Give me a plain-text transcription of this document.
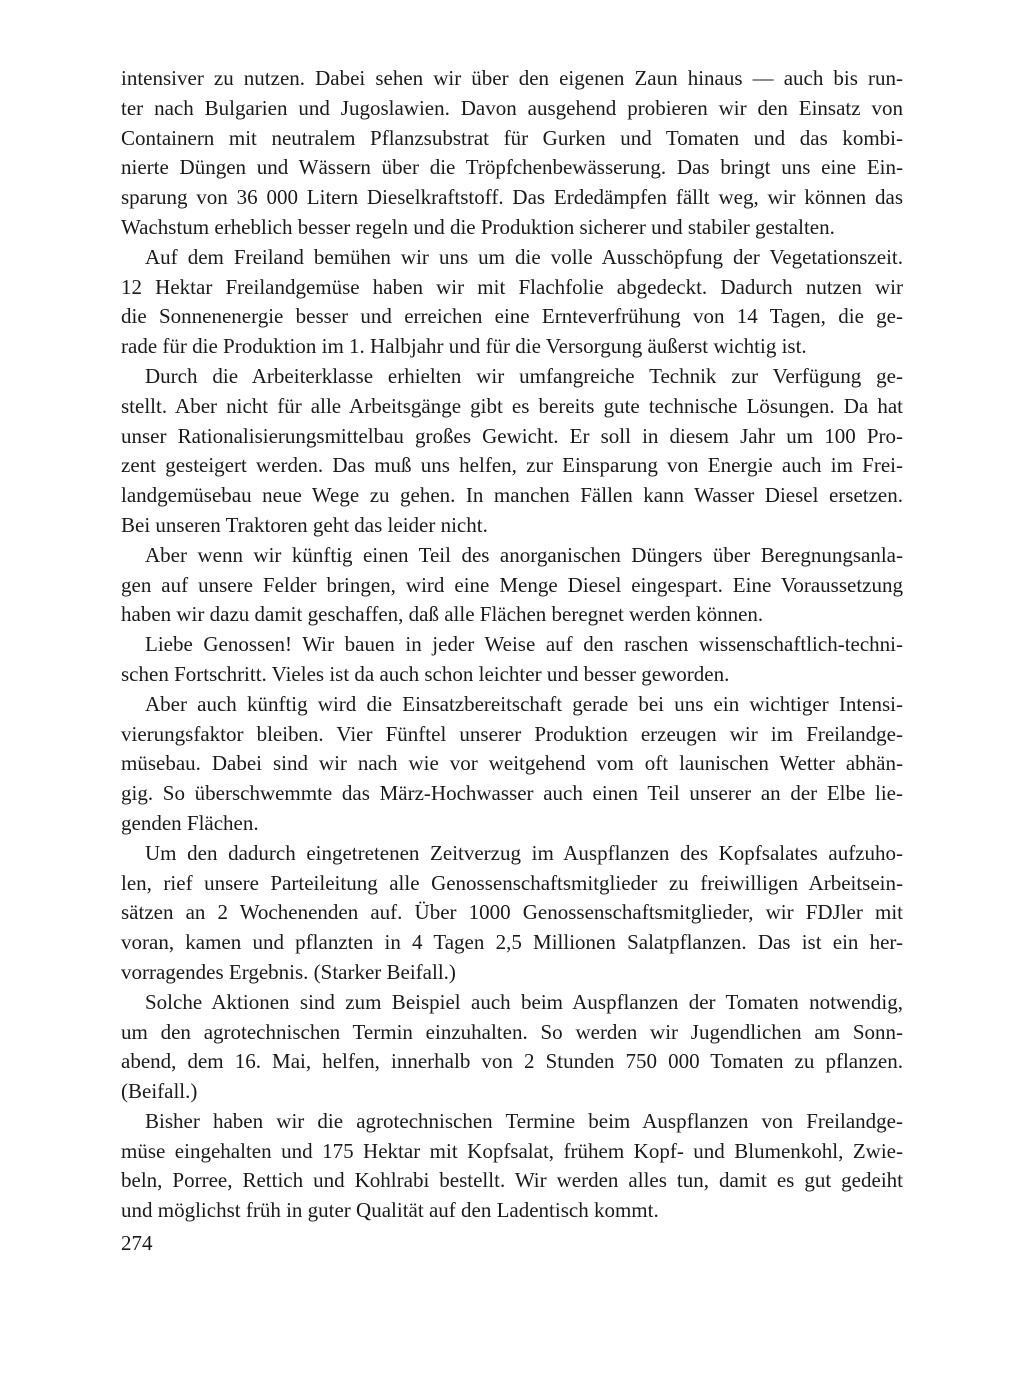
intensiver zu nutzen. Dabei sehen wir über den eigenen Zaun hinaus — auch bis run-
ter nach Bulgarien und Jugoslawien. Davon ausgehend probieren wir den Einsatz von
Containern mit neutralem Pflanzsubstrat für Gurken und Tomaten und das kombi-
nierte Düngen und Wässern über die Tröpfchenbewässerung. Das bringt uns eine Ein-
sparung von 36 000 Litern Dieselkraftstoff. Das Erdedämpfen fällt weg, wir können das
Wachstum erheblich besser regeln und die Produktion sicherer und stabiler gestalten.
Auf dem Freiland bemühen wir uns um die volle Ausschöpfung der Vegetationszeit.
12 Hektar Freilandgemüse haben wir mit Flachfolie abgedeckt. Dadurch nutzen wir
die Sonnenenergie besser und erreichen eine Ernteverfrühung von 14 Tagen, die ge-
rade für die Produktion im 1. Halbjahr und für die Versorgung äußerst wichtig ist.
Durch die Arbeiterklasse erhielten wir umfangreiche Technik zur Verfügung ge-
stellt. Aber nicht für alle Arbeitsgänge gibt es bereits gute technische Lösungen. Da hat
unser Rationalisierungsmittelbau großes Gewicht. Er soll in diesem Jahr um 100 Pro-
zent gesteigert werden. Das muß uns helfen, zur Einsparung von Energie auch im Frei-
landgemüsebau neue Wege zu gehen. In manchen Fällen kann Wasser Diesel ersetzen.
Bei unseren Traktoren geht das leider nicht.
Aber wenn wir künftig einen Teil des anorganischen Düngers über Beregnungsanla-
gen auf unsere Felder bringen, wird eine Menge Diesel eingespart. Eine Voraussetzung
haben wir dazu damit geschaffen, daß alle Flächen beregnet werden können.
Liebe Genossen! Wir bauen in jeder Weise auf den raschen wissenschaftlich-techni-
schen Fortschritt. Vieles ist da auch schon leichter und besser geworden.
Aber auch künftig wird die Einsatzbereitschaft gerade bei uns ein wichtiger Intensi-
vierungsfaktor bleiben. Vier Fünftel unserer Produktion erzeugen wir im Freilandge-
müsebau. Dabei sind wir nach wie vor weitgehend vom oft launischen Wetter abhän-
gig. So überschwemmte das März-Hochwasser auch einen Teil unserer an der Elbe lie-
genden Flächen.
Um den dadurch eingetretenen Zeitverzug im Auspflanzen des Kopfsalates aufzuho-
len, rief unsere Parteileitung alle Genossenschaftsmitglieder zu freiwilligen Arbeitsein-
sätzen an 2 Wochenenden auf. Über 1000 Genossenschaftsmitglieder, wir FDJler mit
voran, kamen und pflanzten in 4 Tagen 2,5 Millionen Salatpflanzen. Das ist ein her-
vorragendes Ergebnis. (Starker Beifall.)
Solche Aktionen sind zum Beispiel auch beim Auspflanzen der Tomaten notwendig,
um den agrotechnischen Termin einzuhalten. So werden wir Jugendlichen am Sonn-
abend, dem 16. Mai, helfen, innerhalb von 2 Stunden 750 000 Tomaten zu pflanzen.
(Beifall.)
Bisher haben wir die agrotechnischen Termine beim Auspflanzen von Freilandge-
müse eingehalten und 175 Hektar mit Kopfsalat, frühem Kopf- und Blumenkohl, Zwie-
beln, Porree, Rettich und Kohlrabi bestellt. Wir werden alles tun, damit es gut gedeiht
und möglichst früh in guter Qualität auf den Ladentisch kommt.
274
